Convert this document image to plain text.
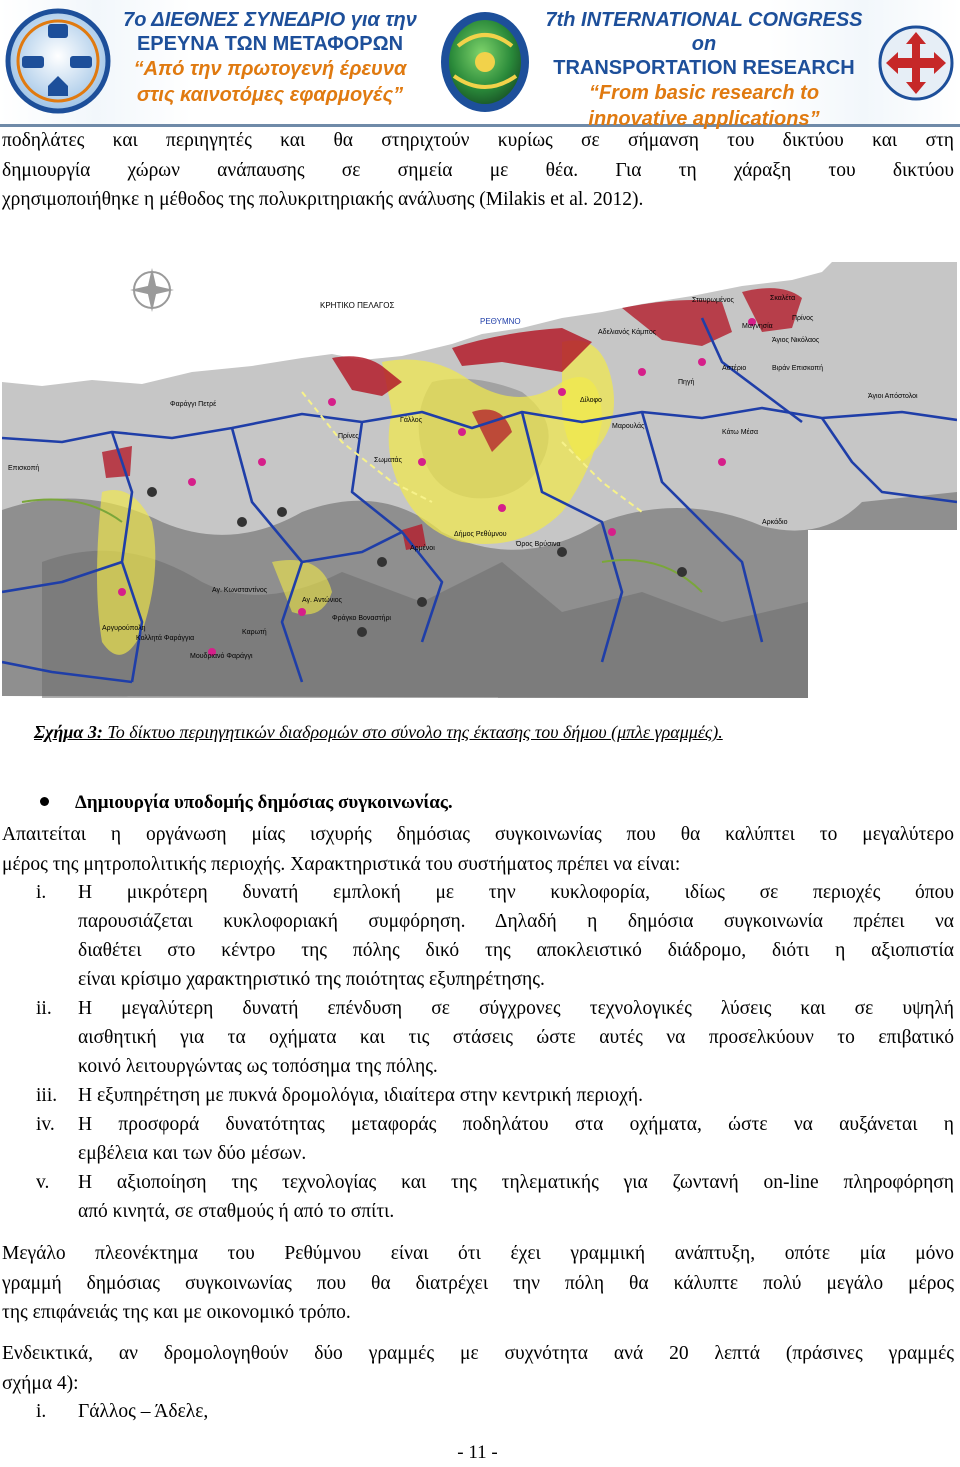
7ο ΔΙΕΘΝΕΣ ΣΥΝΕΔΡΙΟ για την
ΕΡΕΥΝΑ ΤΩΝ ΜΕΤΑΦΟΡΩΝ
“Από την πρωτογενή έρευνα
στις καινοτόμες εφαρμογές”
7th INTERNATIONAL CONGRESS on
TRANSPORTATION RESEARCH
“From basic research to
innovative applications”
ποδηλάτες και περιηγητές και θα στηριχτούν κυρίως σε σήμανση του δικτύου και στη
δημιουργία χώρων ανάπαυσης σε σημεία με θέα. Για τη χάραξη του δικτύου
χρησιμοποιήθηκε η μέθοδος της πολυκριτηριακής ανάλυσης (Milakis et al. 2012).
ΚΡΗΤΙΚΟ ΠΕΛΑΓΟΣ
ΡΕΘΥΜΝΟ
Επισκοπή
Φαράγγι Πετρέ
Αδελιανός Κάμπος
Σταυρωμένος	Σκαλέτα
Πρίνος
Μαγνησία
Άγιος Νικόλαος
Βιράν Επισκοπή
Άγιοι Απόστολοι
Αστέριο
Πηγή
Πρίνες
Γάλλος
Σωματάς
Δίλοφο
Μαρουλάς
Αρμένοι
Δήμος Ρεθύμνου
Όρος Βρύσινα
Φράγκο Βοναστήρι
Αργυρούπολη
Καρωτή
Κολλητά Φαράγγια
Μουδριανό Φαράγγι
Αρκάδιο
Αγ. Κωνσταντίνος
Αγ. Αντώνιος
Κάτω Μέσα
Σχήμα 3: Το δίκτυο περιηγητικών διαδρομών στο σύνολο της έκτασης του δήμου (μπλε γραμμές).
Δημιουργία υποδομής δημόσιας συγκοινωνίας.
Απαιτείται η οργάνωση μίας ισχυρής δημόσιας συγκοινωνίας που θα καλύπτει το μεγαλύτερο
μέρος της μητροπολιτικής περιοχής. Χαρακτηριστικά του συστήματος πρέπει να είναι:
i. Η μικρότερη δυνατή εμπλοκή με την κυκλοφορία, ιδίως σε περιοχές όπου
παρουσιάζεται κυκλοφοριακή συμφόρηση. Δηλαδή η δημόσια συγκοινωνία πρέπει να
διαθέτει στο κέντρο της πόλης δικό της αποκλειστικό διάδρομο, διότι η αξιοπιστία
είναι κρίσιμο χαρακτηριστικό της ποιότητας εξυπηρέτησης.
ii. Η μεγαλύτερη δυνατή επένδυση σε σύγχρονες τεχνολογικές λύσεις και σε υψηλή
αισθητική για τα οχήματα και τις στάσεις ώστε αυτές να προσελκύουν το επιβατικό
κοινό λειτουργώντας ως τοπόσημα της πόλης.
iii. Η εξυπηρέτηση με πυκνά δρομολόγια, ιδιαίτερα στην κεντρική περιοχή.
iv. Η προσφορά δυνατότητας μεταφοράς ποδηλάτου στα οχήματα, ώστε να αυξάνεται η
εμβέλεια και των δύο μέσων.
v. Η αξιοποίηση της τεχνολογίας και της τηλεματικής για ζωντανή on-line πληροφόρηση
από κινητά, σε σταθμούς ή από το σπίτι.
Μεγάλο πλεονέκτημα του Ρεθύμνου είναι ότι έχει γραμμική ανάπτυξη, οπότε μία μόνο
γραμμή δημόσιας συγκοινωνίας που θα διατρέχει την πόλη θα κάλυπτε πολύ μεγάλο μέρος
της επιφάνειάς της και με οικονομικό τρόπο.
Ενδεικτικά, αν δρομολογηθούν δύο γραμμές με συχνότητα ανά 20 λεπτά (πράσινες γραμμές
σχήμα 4):
i. Γάλλος – Άδελε,
- 11 -
